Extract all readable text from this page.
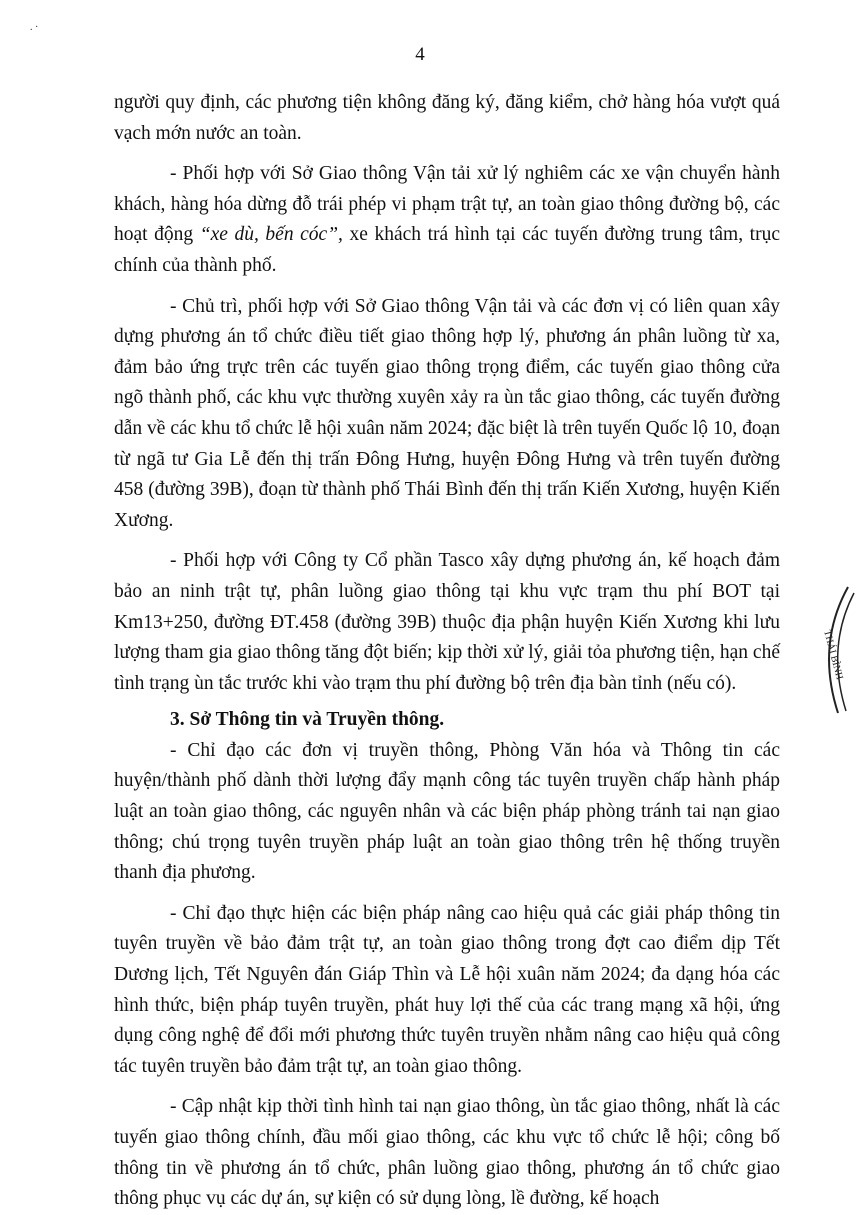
. ·
4

người quy định, các phương tiện không đăng ký, đăng kiểm, chở hàng hóa vượt quá vạch mớn nước an toàn.

- Phối hợp với Sở Giao thông Vận tải xử lý nghiêm các xe vận chuyển hành khách, hàng hóa dừng đỗ trái phép vi phạm trật tự, an toàn giao thông đường bộ, các hoạt động “xe dù, bến cóc”, xe khách trá hình tại các tuyến đường trung tâm, trục chính của thành phố.

- Chủ trì, phối hợp với Sở Giao thông Vận tải và các đơn vị có liên quan xây dựng phương án tổ chức điều tiết giao thông hợp lý, phương án phân luồng từ xa, đảm bảo ứng trực trên các tuyến giao thông trọng điểm, các tuyến giao thông cửa ngõ thành phố, các khu vực thường xuyên xảy ra ùn tắc giao thông, các tuyến đường dẫn về các khu tổ chức lễ hội xuân năm 2024; đặc biệt là trên tuyến Quốc lộ 10, đoạn từ ngã tư Gia Lễ đến thị trấn Đông Hưng, huyện Đông Hưng và trên tuyến đường 458 (đường 39B), đoạn từ thành phố Thái Bình đến thị trấn Kiến Xương, huyện Kiến Xương.

- Phối hợp với Công ty Cổ phần Tasco xây dựng phương án, kế hoạch đảm bảo an ninh trật tự, phân luồng giao thông tại khu vực trạm thu phí BOT tại Km13+250, đường ĐT.458 (đường 39B) thuộc địa phận huyện Kiến Xương khi lưu lượng tham gia giao thông tăng đột biến; kịp thời xử lý, giải tỏa phương tiện, hạn chế tình trạng ùn tắc trước khi vào trạm thu phí đường bộ trên địa bàn tỉnh (nếu có).

3. Sở Thông tin và Truyền thông.

- Chỉ đạo các đơn vị truyền thông, Phòng Văn hóa và Thông tin các huyện/thành phố dành thời lượng đẩy mạnh công tác tuyên truyền chấp hành pháp luật an toàn giao thông, các nguyên nhân và các biện pháp phòng tránh tai nạn giao thông; chú trọng tuyên truyền pháp luật an toàn giao thông trên hệ thống truyền thanh địa phương.

- Chỉ đạo thực hiện các biện pháp nâng cao hiệu quả các giải pháp thông tin tuyên truyền về bảo đảm trật tự, an toàn giao thông trong đợt cao điểm dịp Tết Dương lịch, Tết Nguyên đán Giáp Thìn và Lễ hội xuân năm 2024; đa dạng hóa các hình thức, biện pháp tuyên truyền, phát huy lợi thế của các trang mạng xã hội, ứng dụng công nghệ để đổi mới phương thức tuyên truyền nhằm nâng cao hiệu quả công tác tuyên truyền bảo đảm trật tự, an toàn giao thông.

- Cập nhật kịp thời tình hình tai nạn giao thông, ùn tắc giao thông, nhất là các tuyến giao thông chính, đầu mối giao thông, các khu vực tổ chức lễ hội; công bố thông tin về phương án tổ chức, phân luồng giao thông, phương án tổ chức giao thông phục vụ các dự án, sự kiện có sử dụng lòng, lề đường, kế hoạch

THÁI BÌNH
